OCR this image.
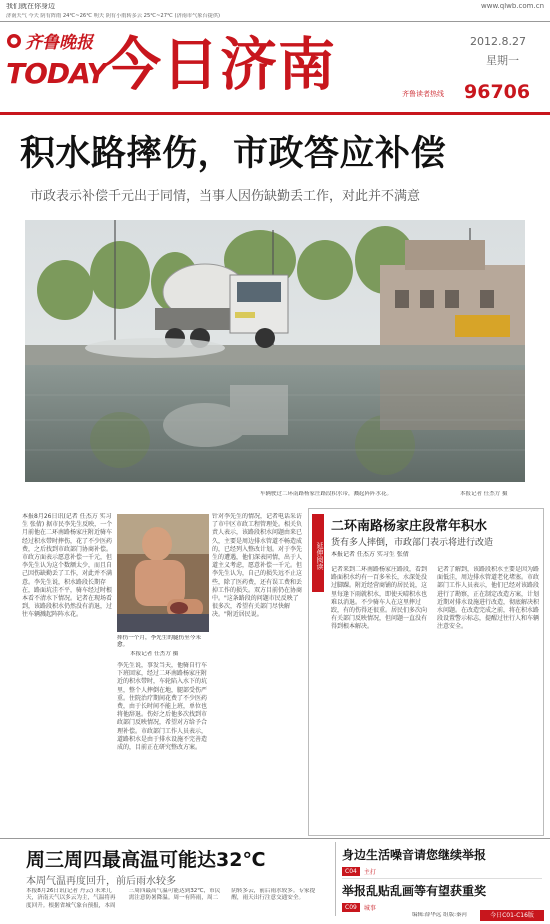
我们就在你身边	www.qlwb.com.cn
济南天气 今天 阴有阵雨 24℃~26℃ 明天 阴有小雨转多云 25℃~27℃ (济南市气象台提供)
齐鲁晚报
TODAY
今日济南	2012.8.27
星期一
齐鲁读者热线 96706
积水路摔伤，市政答应补偿
市政表示补偿千元出于同情，当事人因伤缺勤丢工作，对此并不满意
车辆驶过二环南路杨家庄路段积水带，溅起阵阵水花。	本报记者 任杰方 摄
本报8月26日讯(记者 任杰方 实习生 张倩) 据市民李先生反映，一个月前他在二环南路杨家庄附近骑车经过积水带时摔伤，花了不少医药费，之后找到市政部门协商补偿。市政方面表示愿意补偿一千元，但李先生认为这个数额太少，而且自己因伤缺勤丢了工作，对此并不满意。李先生说，积水路段长期存在，路面坑洼不平，骑车经过时根本看不清水下情况。记者在现场看到，该路段积水仍然没有消退，过往车辆溅起阵阵水花。
摔伤一个月，李先生的腿伤至今未愈。
本报记者 任杰方 摄
李先生说，事发当天，他骑自行车下班回家，经过二环南路杨家庄附近的积水带时，车轮陷入水下的坑里，整个人摔倒在地，腿部受伤严重。住院治疗期间花费了不少医药费，由于长时间不能上班，单位也将他辞退。伤好之后他多次找到市政部门反映情况，希望对方给予合理补偿。市政部门工作人员表示，道路积水是由于排水设施不完善造成的，目前正在研究整改方案。
针对李先生的情况，记者电话采访了市中区市政工程管理处。相关负责人表示，该路段积水问题由来已久，主要是周边排水管道不畅造成的，已经列入整改计划。对于李先生的遭遇，他们深表同情，出于人道主义考虑，愿意补偿一千元。但李先生认为，自己的损失远不止这些，除了医药费，还有误工费和丢掉工作的损失。双方目前仍在协商中。"这条路段的问题市民反映了很多次，希望有关部门尽快解决。"附近居民说。
延伸阅读
二环南路杨家庄段常年积水
货有多人摔倒，市政部门表示将进行改造
本报记者 任杰方 实习生 张倩
记者来到二环南路杨家庄路段，看到路面积水约有一百多米长，水深处没过脚踝。附近经营商铺的居民说，这里每逢下雨就积水，即使天晴积水也难以消退。不少骑车人在这里摔过跤，有的伤得还很重。居民们多次向有关部门反映情况，但问题一直没有得到根本解决。
记者了解到，该路段积水主要是因为路面低洼，周边排水管道老化堵塞。市政部门工作人员表示，他们已经对该路段进行了勘察，正在制定改造方案，计划近期对排水设施进行改造，彻底解决积水问题。在改造完成之前，将在积水路段设置警示标志，提醒过往行人和车辆注意安全。
周三周四最高温可能达32℃
本周气温再度回升，前后雨水较多
本报8月26日讯(记者 丹云) 未来几天，济南天气以多云为主，气温将再度回升。根据省城气象台预报，本周三周四最高气温可能达到32℃，市民需注意防暑降温。周一有阵雨，周二阴转多云，前后雨水较多。专家提醒，雨天出行注意交通安全。
身边生活噪音请您继续举报
C04	主打
举报乱贴乱画等有望获重奖
C09	城事
编辑:薛华远 组版:秦河	今日C01-C16版
